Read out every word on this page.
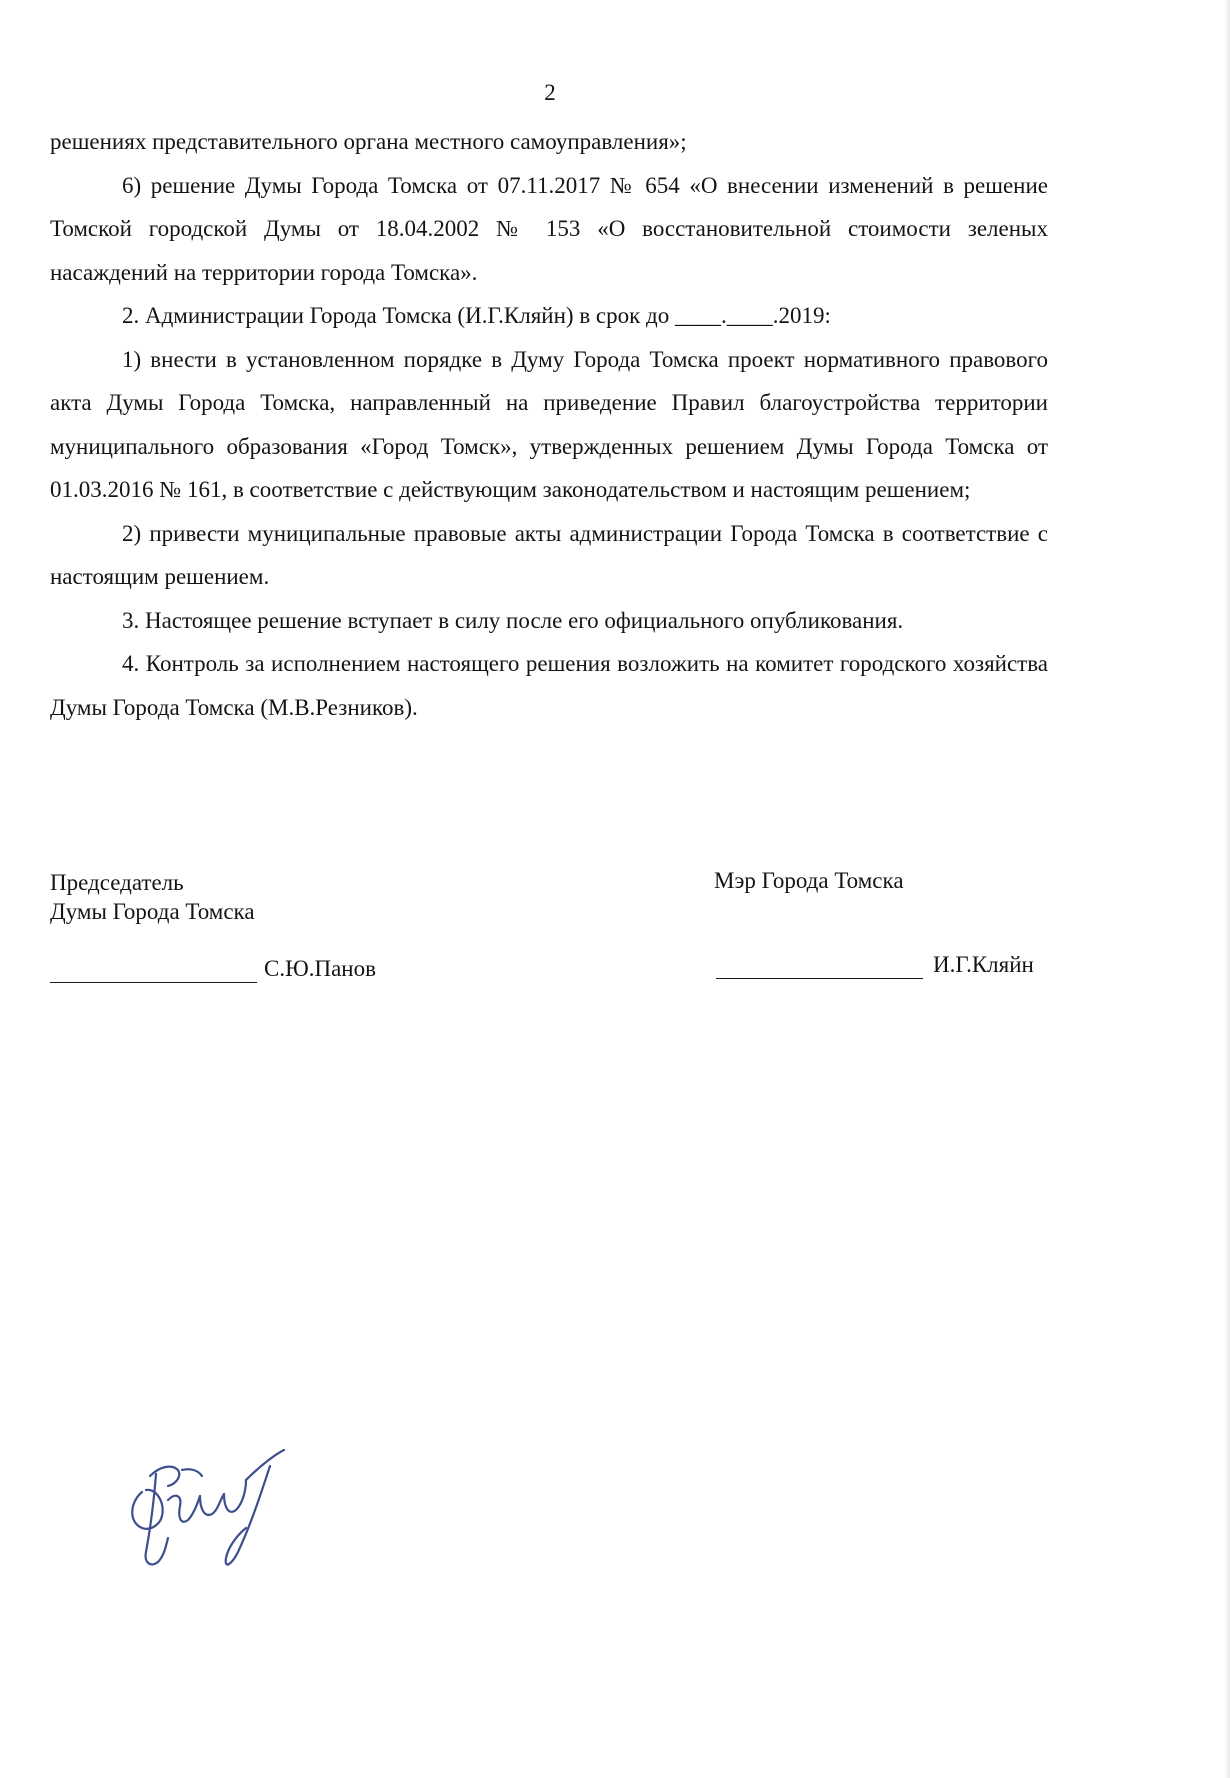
2

решениях представительного органа местного самоуправления»;

6) решение Думы Города Томска от 07.11.2017 № 654 «О внесении изменений в решение Томской городской Думы от 18.04.2002 № 153 «О восстановительной стоимости зеленых насаждений на территории города Томска».

2. Администрации Города Томска (И.Г.Кляйн) в срок до ____.____.2019:

1) внести в установленном порядке в Думу Города Томска проект нормативного правового акта Думы Города Томска, направленный на приведение Правил благоустройства территории муниципального образования «Город Томск», утвержденных решением Думы Города Томска от 01.03.2016 № 161, в соответствие с действующим законодательством и настоящим решением;

2) привести муниципальные правовые акты администрации Города Томска в соответствие с настоящим решением.

3. Настоящее решение вступает в силу после его официального опубликования.

4. Контроль за исполнением настоящего решения возложить на комитет городского хозяйства Думы Города Томска (М.В.Резников).

Председатель
Думы Города Томска
Мэр Города Томска
С.Ю.Панов	И.Г.Кляйн
